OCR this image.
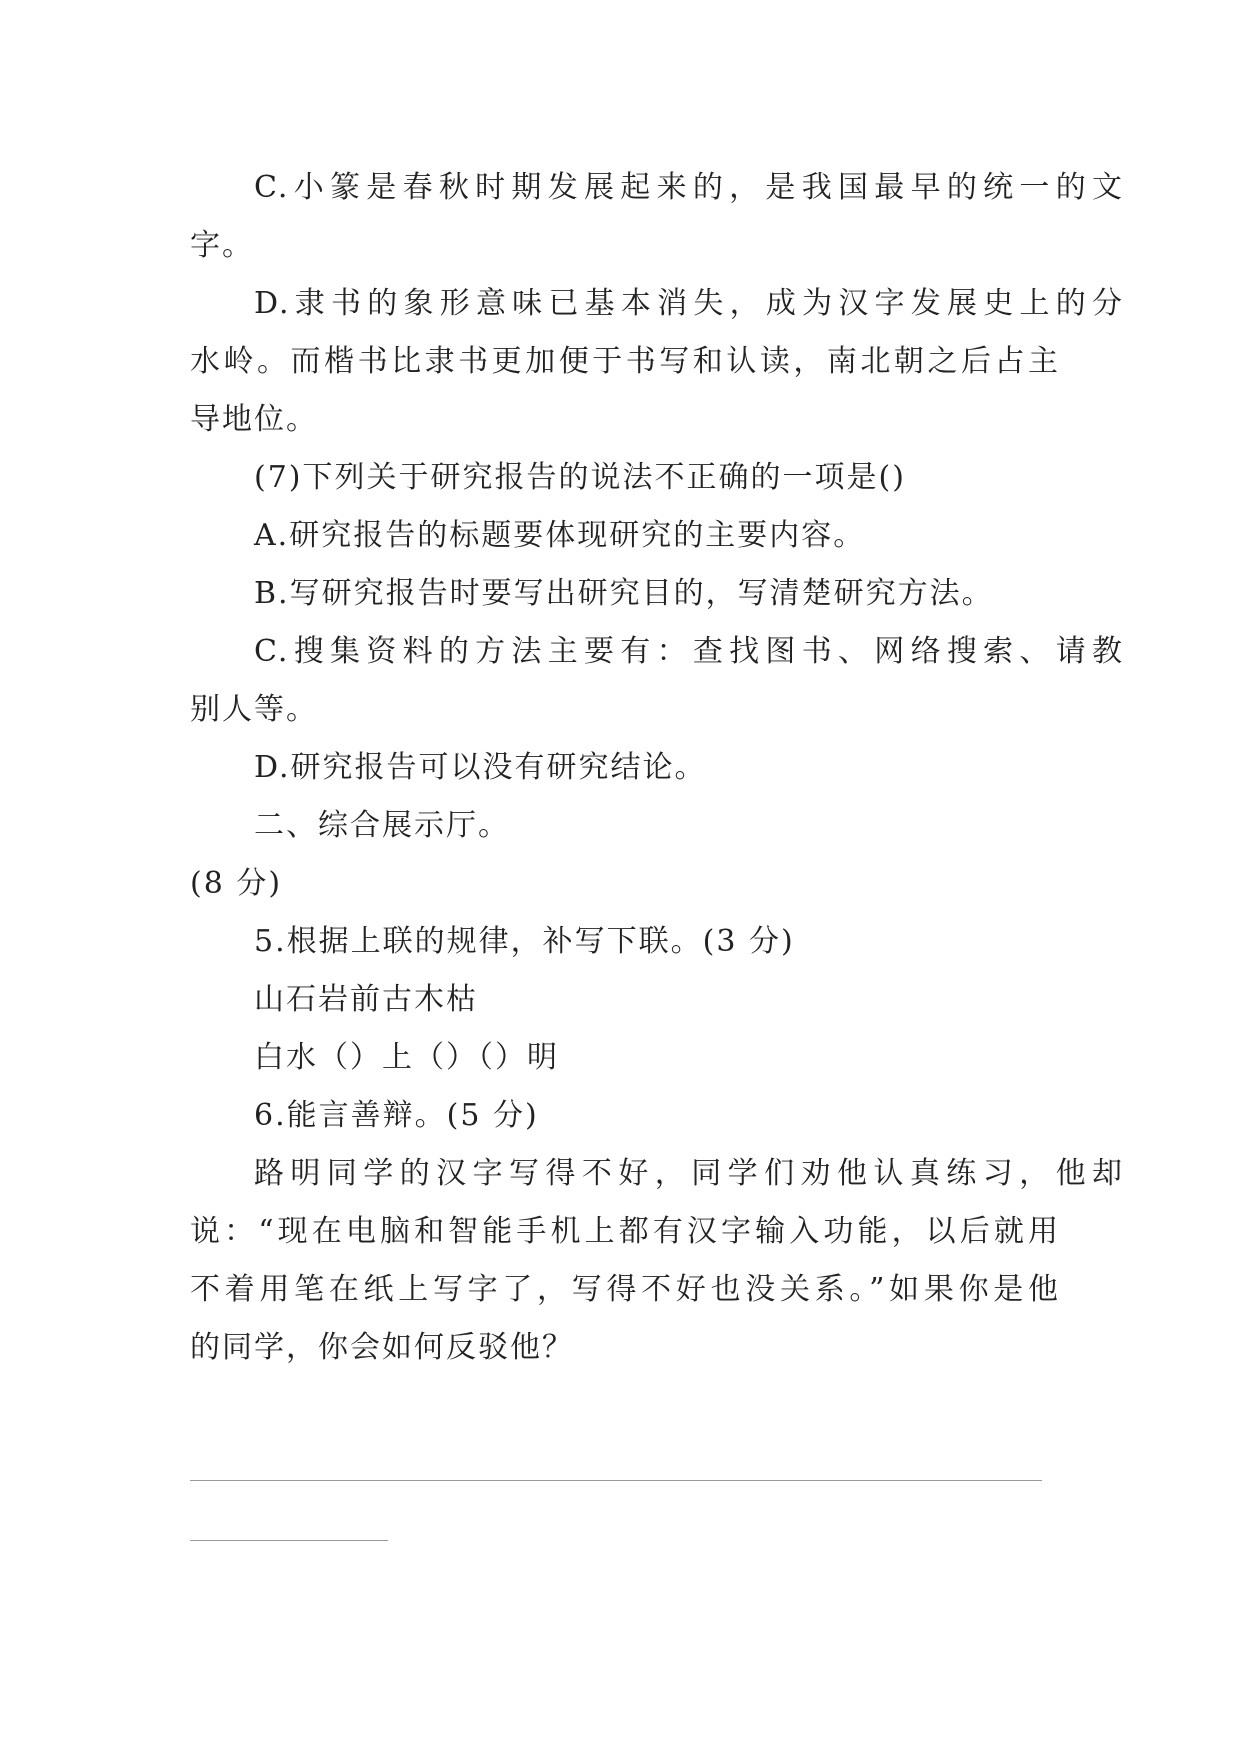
C.小篆是春秋时期发展起来的，是我国最早的统一的文
字。
D.隶书的象形意味已基本消失，成为汉字发展史上的分
水岭。而楷书比隶书更加便于书写和认读，南北朝之后占主
导地位。
(7)下列关于研究报告的说法不正确的一项是()
A.研究报告的标题要体现研究的主要内容。
B.写研究报告时要写出研究目的，写清楚研究方法。
C.搜集资料的方法主要有：查找图书、网络搜索、请教
别人等。
D.研究报告可以没有研究结论。
二、综合展示厅。
(8 分)
5.根据上联的规律，补写下联。(3 分)
山石岩前古木枯
白水（）上（）（）明
6.能言善辩。(5 分)
路明同学的汉字写得不好，同学们劝他认真练习，他却
说：“现在电脑和智能手机上都有汉字输入功能，以后就用
不着用笔在纸上写字了，写得不好也没关系。”如果你是他
的同学，你会如何反驳他？
